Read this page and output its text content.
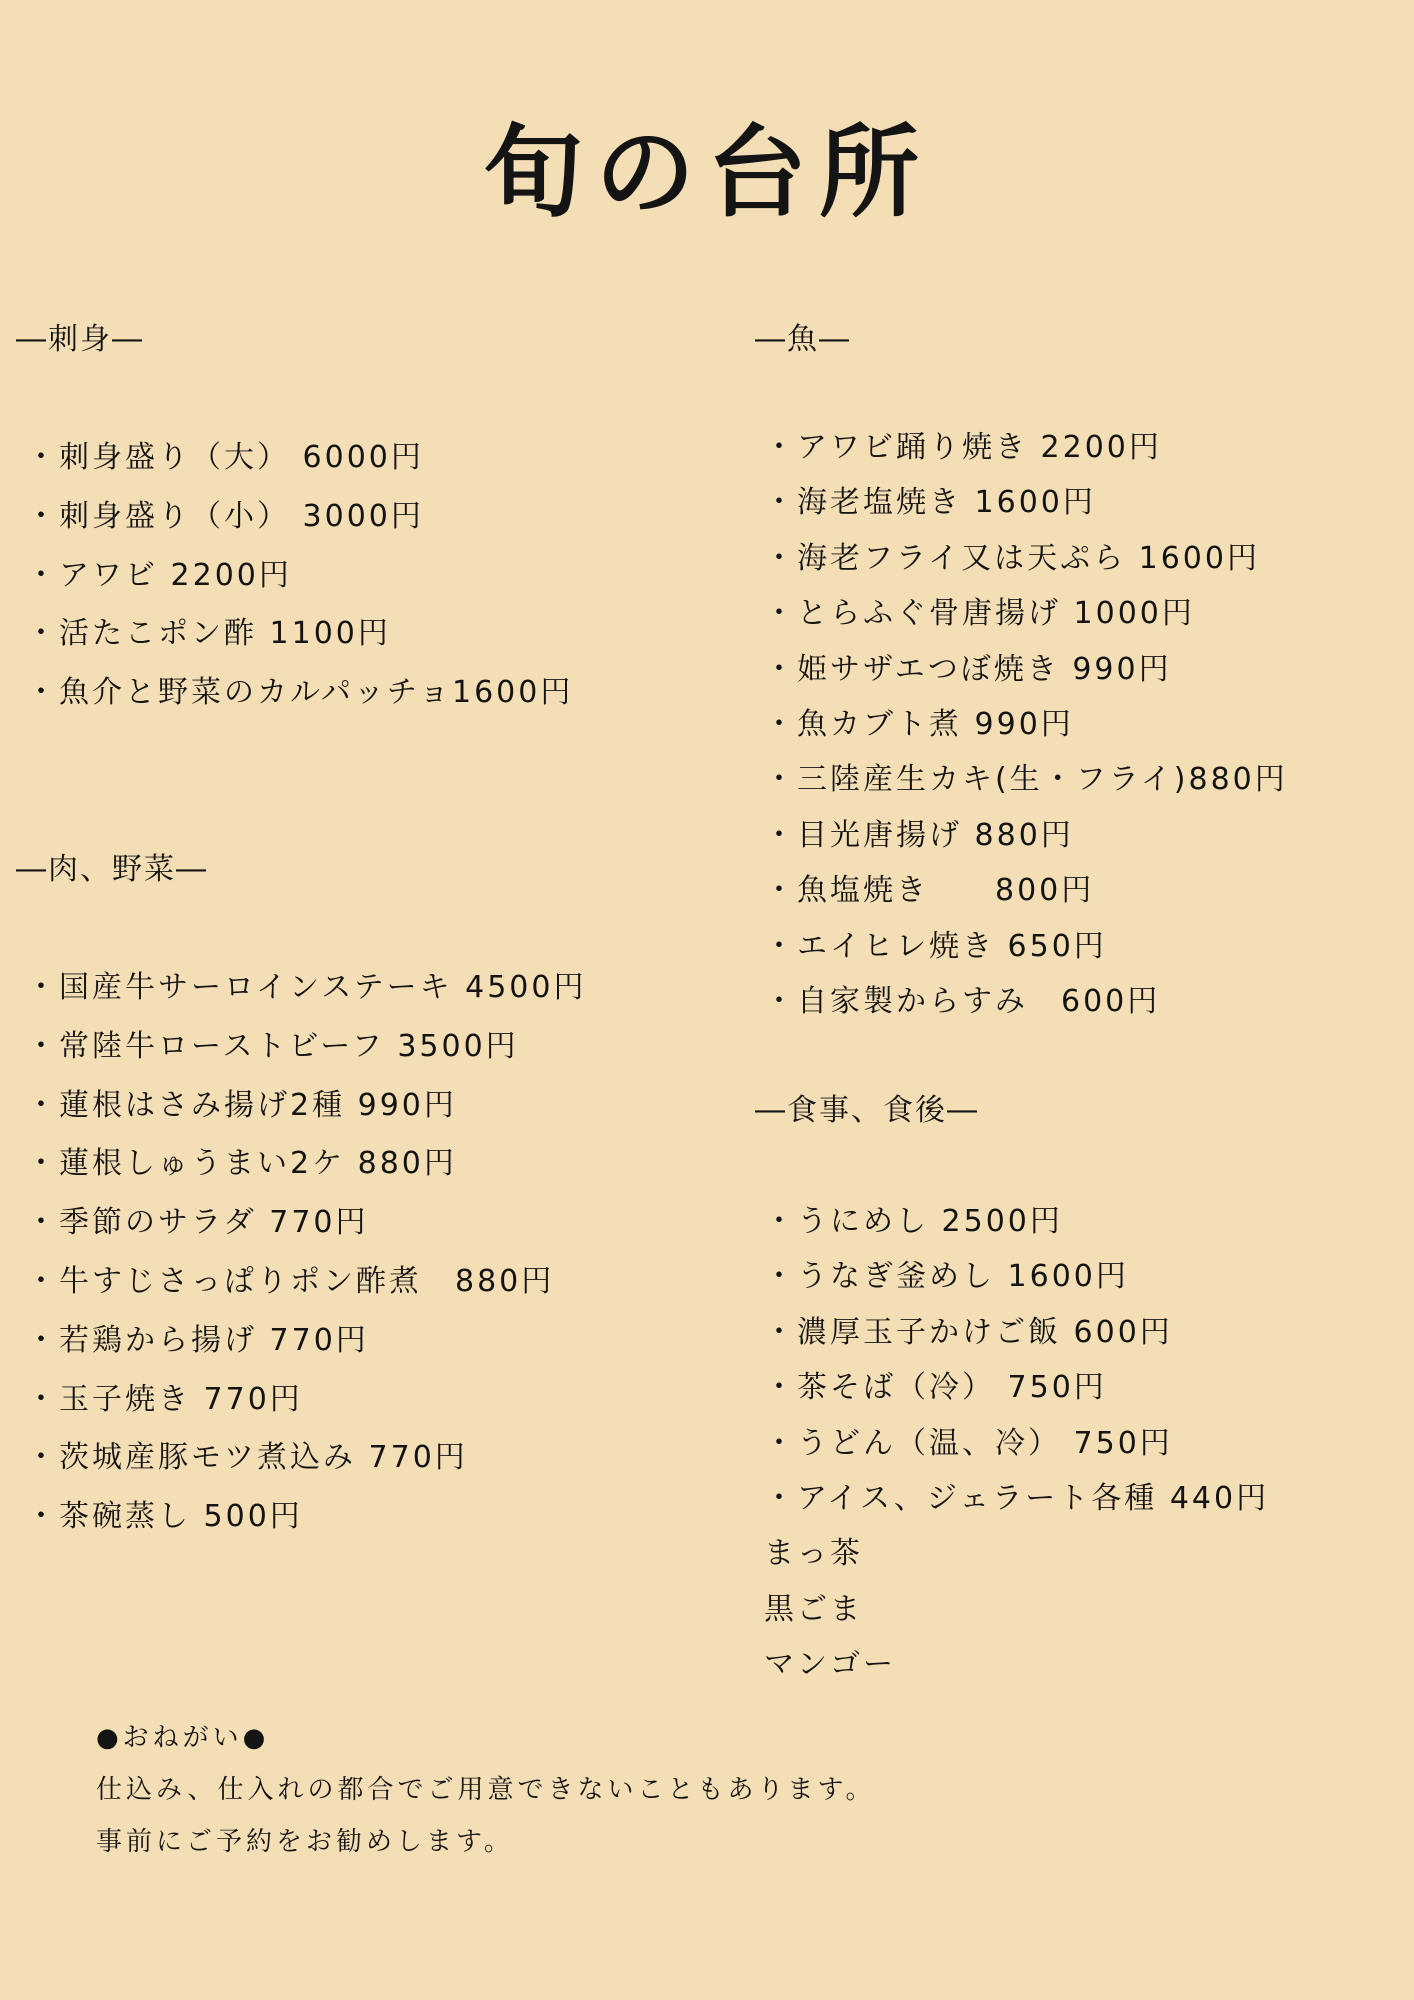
旬の台所
―刺身―
・刺身盛り（大） 6000円
・刺身盛り（小） 3000円
・アワビ 2200円
・活たこポン酢 1100円
・魚介と野菜のカルパッチョ1600円
―肉、野菜―
・国産牛サーロインステーキ 4500円
・常陸牛ローストビーフ 3500円
・蓮根はさみ揚げ2種 990円
・蓮根しゅうまい2ケ 880円
・季節のサラダ 770円
・牛すじさっぱりポン酢煮　880円
・若鶏から揚げ 770円
・玉子焼き 770円
・茨城産豚モツ煮込み 770円
・茶碗蒸し 500円
―魚―
・アワビ踊り焼き 2200円
・海老塩焼き 1600円
・海老フライ又は天ぷら 1600円
・とらふぐ骨唐揚げ 1000円
・姫サザエつぼ焼き 990円
・魚カブト煮 990円
・三陸産生カキ(生・フライ)880円
・目光唐揚げ 880円
・魚塩焼き　　800円
・エイヒレ焼き 650円
・自家製からすみ　600円
―食事、食後―
・うにめし 2500円
・うなぎ釜めし 1600円
・濃厚玉子かけご飯 600円
・茶そば（冷） 750円
・うどん（温、冷） 750円
・アイス、ジェラート各種 440円
まっ茶
黒ごま
マンゴー
●おねがい●
仕込み、仕入れの都合でご用意できないこともあります。
事前にご予約をお勧めします。
